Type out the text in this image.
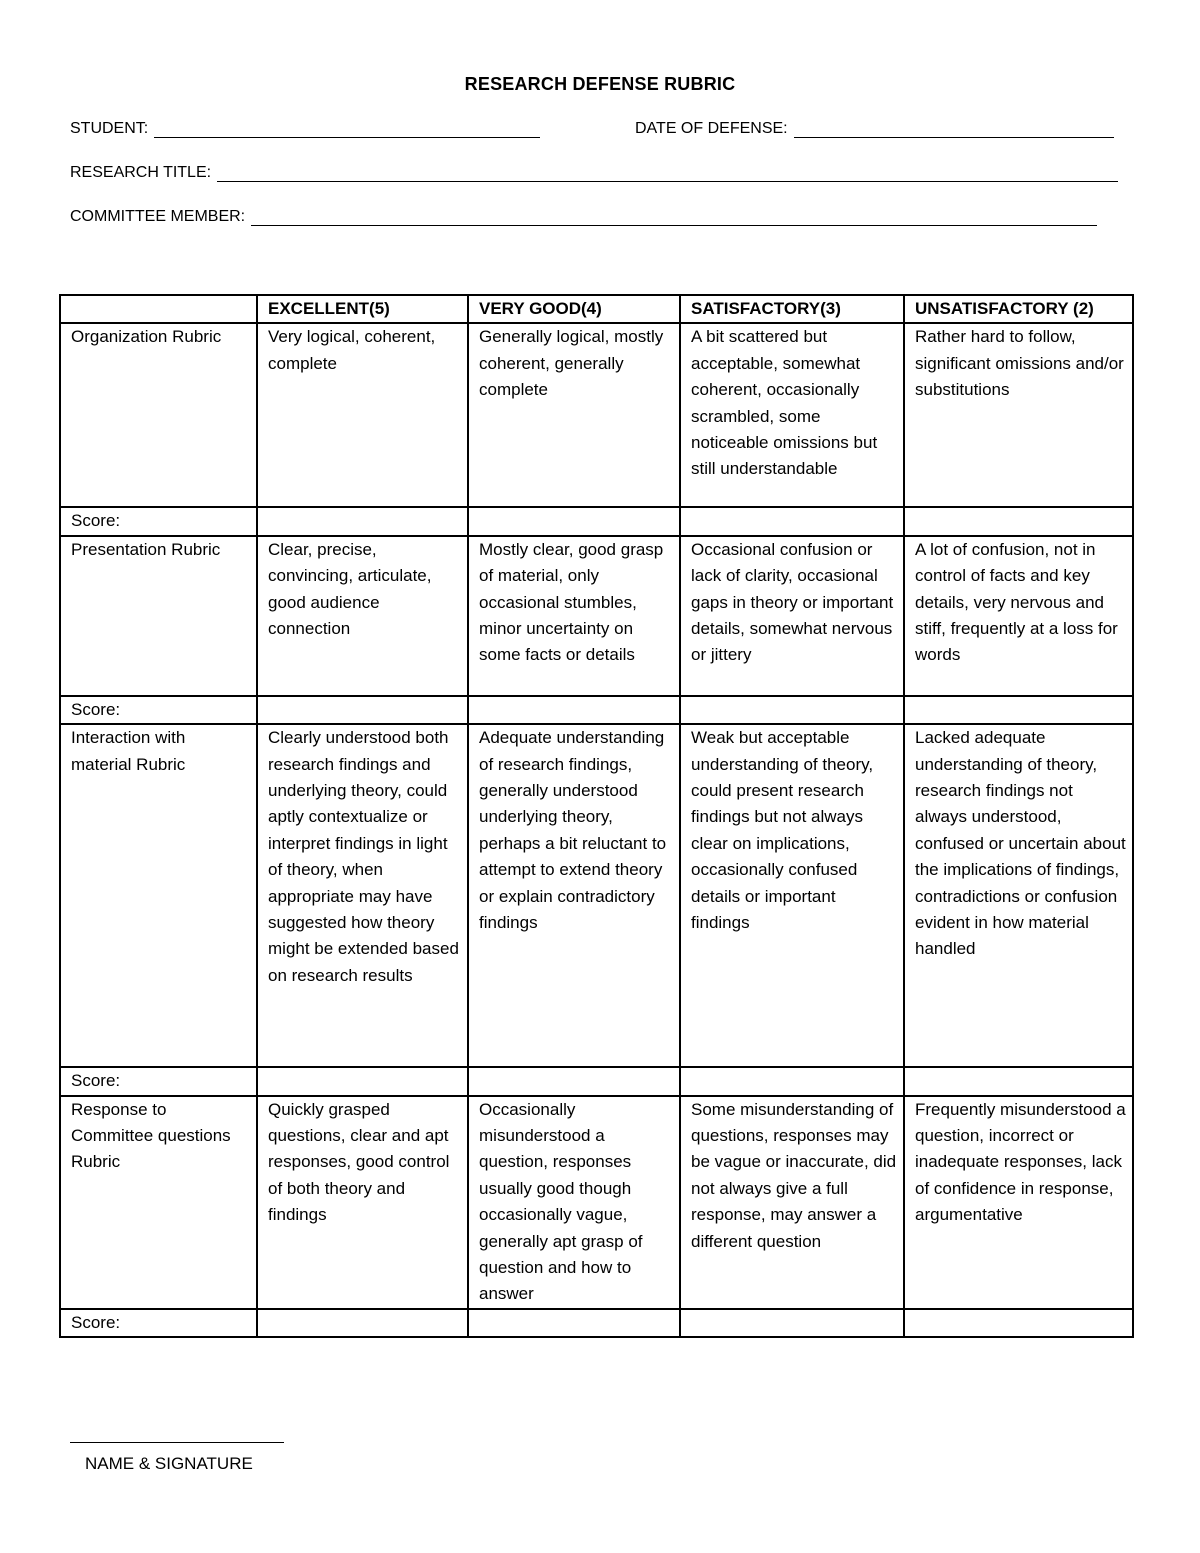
RESEARCH DEFENSE RUBRIC
STUDENT:	DATE OF DEFENSE:
RESEARCH TITLE:
COMMITTEE MEMBER:
	EXCELLENT(5)	VERY GOOD(4)	SATISFACTORY(3)	UNSATISFACTORY (2)
Organization Rubric	Very logical, coherent, complete	Generally logical, mostly coherent, generally complete	A bit scattered but acceptable, somewhat coherent, occasionally scrambled, some noticeable omissions but still understandable	Rather hard to follow, significant omissions and/or substitutions
Score:				
Presentation Rubric	Clear, precise, convincing, articulate, good audience connection	Mostly clear, good grasp of material, only occasional stumbles, minor uncertainty on some facts or details	Occasional confusion or lack of clarity, occasional gaps in theory or important details, somewhat nervous or jittery	A lot of confusion, not in control of facts and key details, very nervous and stiff, frequently at a loss for words
Score:				
Interaction with material Rubric	Clearly understood both research findings and underlying theory, could aptly contextualize or interpret findings in light of theory, when appropriate may have suggested how theory might be extended based on research results	Adequate understanding of research findings, generally understood underlying theory, perhaps a bit reluctant to attempt to extend theory or explain contradictory findings	Weak but acceptable understanding of theory, could present research findings but not always clear on implications, occasionally confused details or important findings	Lacked adequate understanding of theory, research findings not always understood, confused or uncertain about the implications of findings, contradictions or confusion evident in how material handled
Score:				
Response to Committee questions Rubric	Quickly grasped questions, clear and apt responses, good control of both theory and findings	Occasionally misunderstood a question, responses usually good though occasionally vague, generally apt grasp of question and how to answer	Some misunderstanding of questions, responses may be vague or inaccurate, did not always give a full response, may answer a different question	Frequently misunderstood a question, incorrect or inadequate responses, lack of confidence in response, argumentative
Score:				
NAME & SIGNATURE
